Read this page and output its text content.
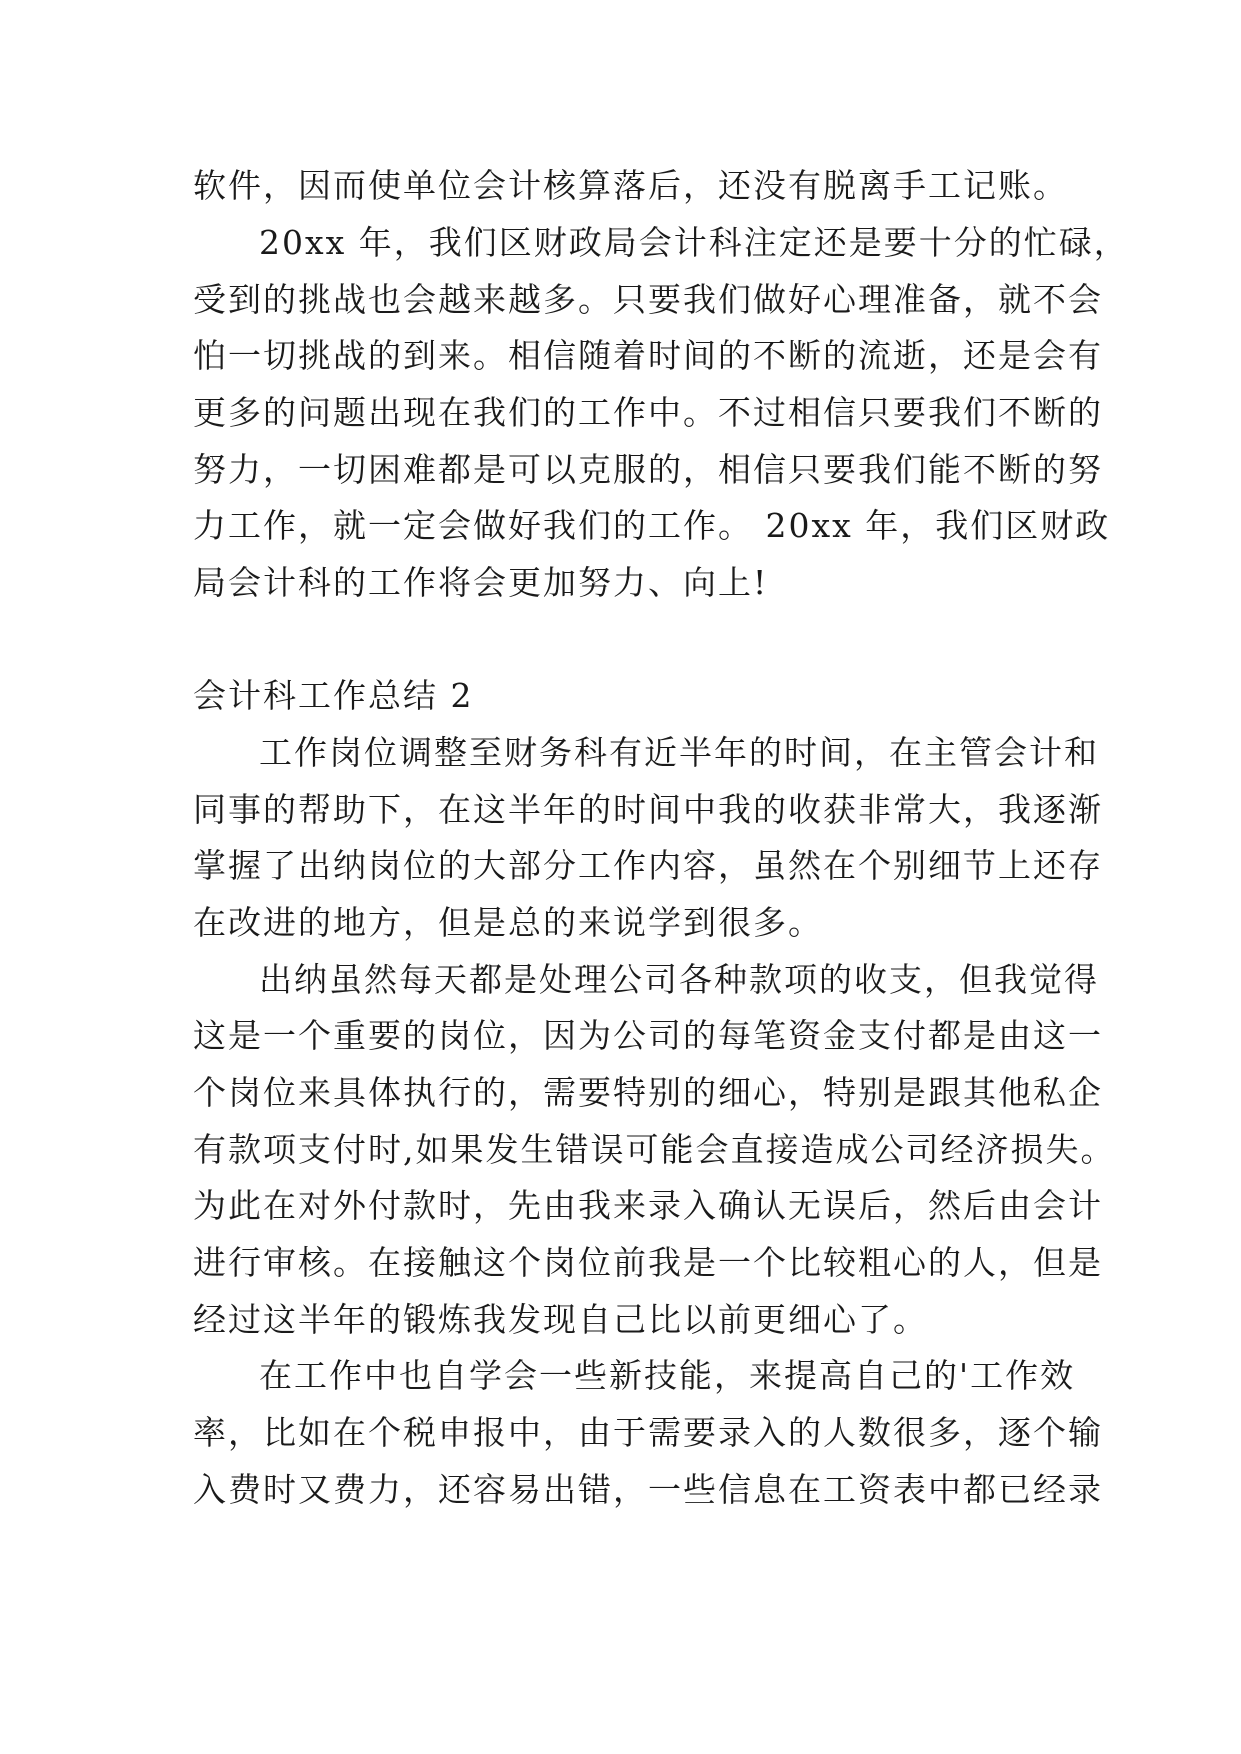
软件，因而使单位会计核算落后，还没有脱离手工记账。
20xx 年，我们区财政局会计科注定还是要十分的忙碌，
受到的挑战也会越来越多。只要我们做好心理准备，就不会
怕一切挑战的到来。相信随着时间的不断的流逝，还是会有
更多的问题出现在我们的工作中。不过相信只要我们不断的
努力，一切困难都是可以克服的，相信只要我们能不断的努
力工作，就一定会做好我们的工作。 20xx 年，我们区财政
局会计科的工作将会更加努力、向上!
会计科工作总结 2
工作岗位调整至财务科有近半年的时间，在主管会计和
同事的帮助下，在这半年的时间中我的收获非常大，我逐渐
掌握了出纳岗位的大部分工作内容，虽然在个别细节上还存
在改进的地方，但是总的来说学到很多。
出纳虽然每天都是处理公司各种款项的收支，但我觉得
这是一个重要的岗位，因为公司的每笔资金支付都是由这一
个岗位来具体执行的，需要特别的细心，特别是跟其他私企
有款项支付时,如果发生错误可能会直接造成公司经济损失。
为此在对外付款时，先由我来录入确认无误后，然后由会计
进行审核。在接触这个岗位前我是一个比较粗心的人，但是
经过这半年的锻炼我发现自己比以前更细心了。
在工作中也自学会一些新技能，来提高自己的'工作效
率，比如在个税申报中，由于需要录入的人数很多，逐个输
入费时又费力，还容易出错，一些信息在工资表中都已经录
